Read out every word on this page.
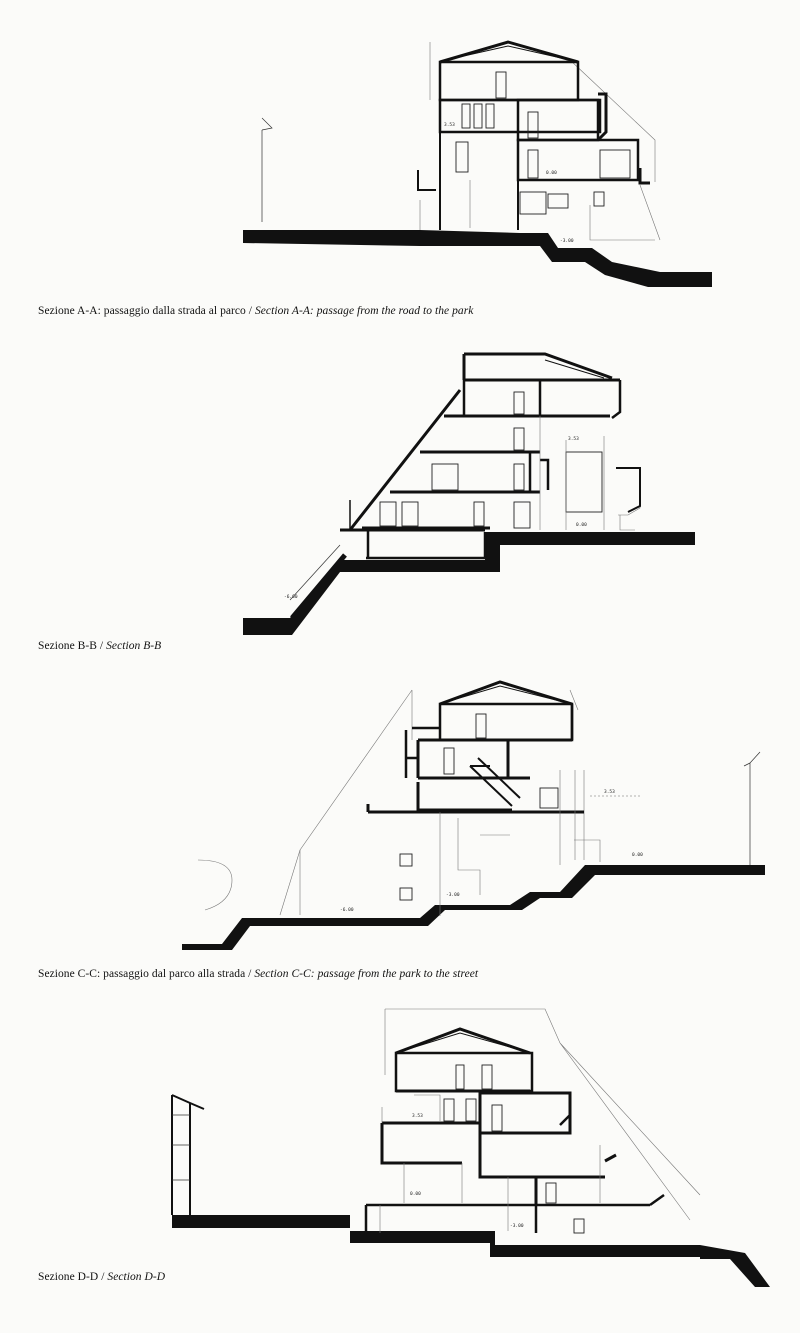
3.53
0.00
-3.00
Sezione A-A: passaggio dalla strada al parco / Section A-A: passage from the road to the park
3.53
0.00
-6.00
Sezione B-B / Section B-B
3.53
0.00
-3.00
-6.00
Sezione C-C: passaggio dal parco alla strada / Section C-C: passage from the park to the street
3.53
0.00
-3.00
Sezione D-D / Section D-D
